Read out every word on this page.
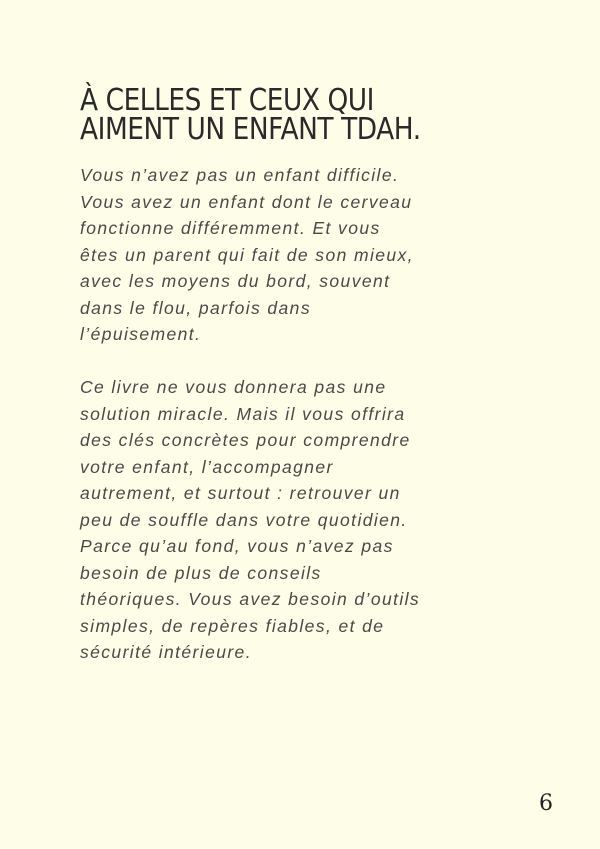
À CELLES ET CEUX QUI
AIMENT UN ENFANT TDAH.

Vous n’avez pas un enfant difficile.
Vous avez un enfant dont le cerveau
fonctionne différemment. Et vous
êtes un parent qui fait de son mieux,
avec les moyens du bord, souvent
dans le flou, parfois dans
l’épuisement.

Ce livre ne vous donnera pas une
solution miracle. Mais il vous offrira
des clés concrètes pour comprendre
votre enfant, l’accompagner
autrement, et surtout : retrouver un
peu de souffle dans votre quotidien.
Parce qu’au fond, vous n’avez pas
besoin de plus de conseils
théoriques. Vous avez besoin d’outils
simples, de repères fiables, et de
sécurité intérieure.

6
